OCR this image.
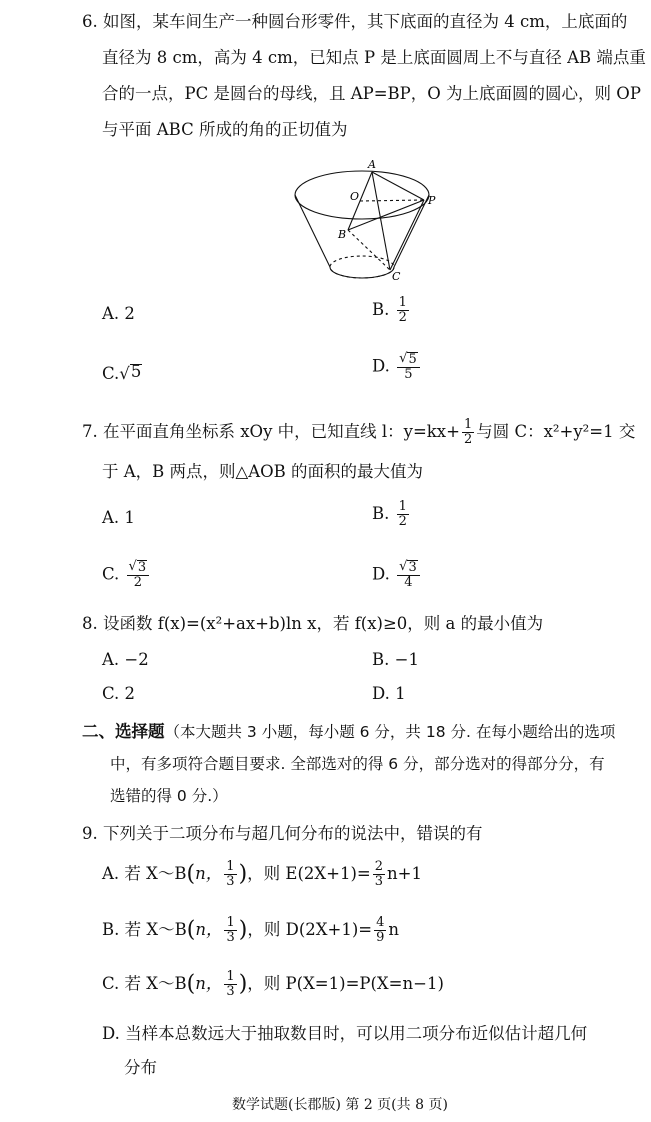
6. 如图，某车间生产一种圆台形零件，其下底面的直径为 4 cm，上底面的
直径为 8 cm，高为 4 cm，已知点 P 是上底面圆周上不与直径 AB 端点重
合的一点，PC 是圆台的母线，且 AP=BP，O 为上底面圆的圆心，则 OP
与平面 ABC 所成的角的正切值为
A
O	P
B
C
A. 2	B. $\frac{1}{2}$
C.√ 5	D. $\frac{√ 5}{5}$
7. 在平面直角坐标系 xOy 中，已知直线 l：$y=kx+ \frac{1}{2}$ 与圆 C：x²+y²=1 交
于 A，B 两点，则△AOB 的面积的最大值为
A. 1	B. $\frac{1}{2}$
C. $\frac{√ 3}{2}$	D. $\frac{√ 3}{4}$
8. 设函数 f(x)=(x²+ax+b)ln x，若 f(x)≥0，则 a 的最小值为
A. −2	B. −1
C. 2	D. 1
二、选择题（本大题共 3 小题，每小题 6 分，共 18 分. 在每小题给出的选项
中，有多项符合题目要求. 全部选对的得 6 分，部分选对的得部分分，有
选错的得 0 分.）
9. 下列关于二项分布与超几何分布的说法中，错误的有
A. 若 X～B(n， $\frac{1}{3}$ )，则 $E(2X+1)= \frac{2}{3} n+1$
B. 若 X～B(n， $\frac{1}{3}$ )，则 $D(2X+1)= \frac{4}{9}$ n
C. 若 X～B(n， $\frac{1}{3}$ )，则 P(X=1)=P(X=n−1)
D. 当样本总数远大于抽取数目时，可以用二项分布近似估计超几何
分布
数学试题(长郡版) 第 2 页(共 8 页)
